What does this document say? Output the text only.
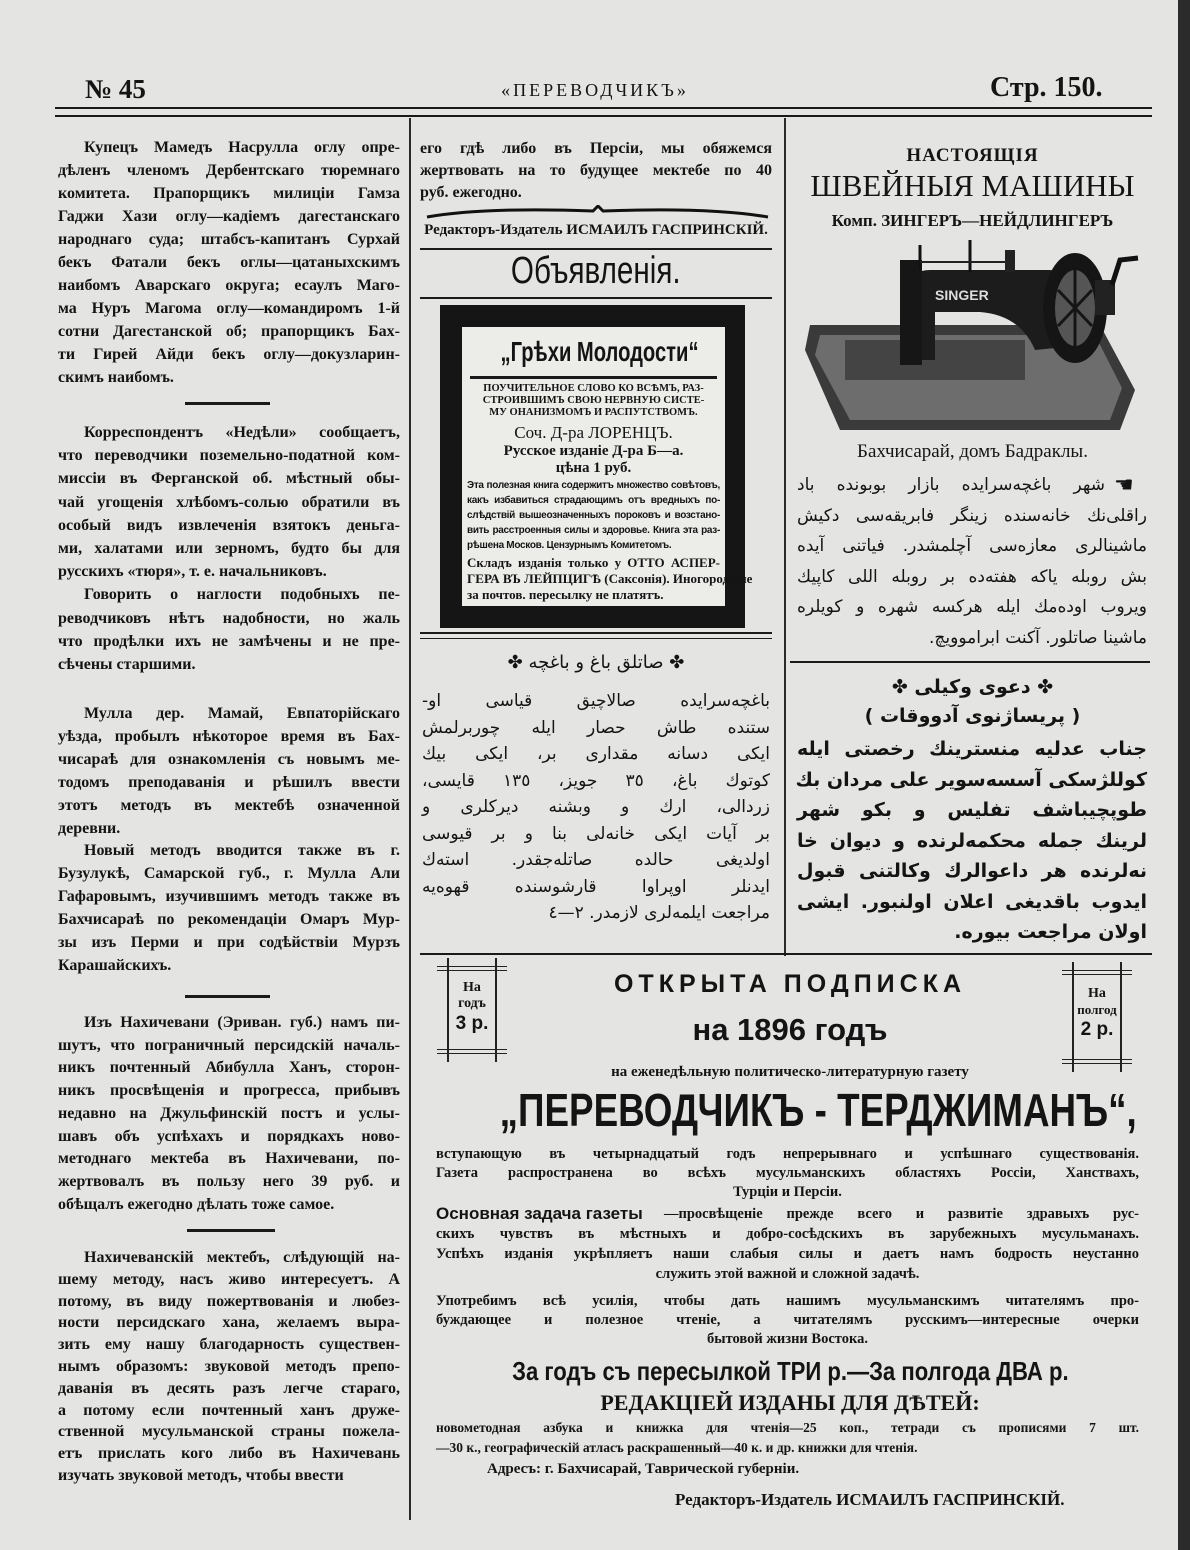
№ 45	«ПЕРЕВОДЧИКЪ»	Стр. 150.
Купецъ Мамедъ Насрулла оглу опре-
дѣленъ членомъ Дербентскаго тюремнаго
комитета. Прапорщикъ милиціи Гамза
Гаджи Хази оглу—кадіемъ дагестанскаго
народнаго суда; штабсъ-капитанъ Сурхай
бекъ Фатали бекъ оглы—цатаныхскимъ
наибомъ Аварскаго округа; есаулъ Маго-
ма Нуръ Магома оглу—командиромъ 1-й
сотни Дагестанской об; прапорщикъ Бах-
ти Гирей Айди бекъ оглу—докузларин-
скимъ наибомъ.
Корреспондентъ «Недѣли» сообщаетъ,
что переводчики поземельно-податной ком-
миссіи въ Ферганской об. мѣстный обы-
чай угощенія хлѣбомъ-солью обратили въ
особый видъ извлеченія взятокъ деньга-
ми, халатами или зерномъ, будто бы для
русскихъ «тюря», т. е. начальниковъ.
Говорить о наглости подобныхъ пе-
реводчиковъ нѣтъ надобности, но жаль
что продѣлки ихъ не замѣчены и не пре-
сѣчены старшими.
Мулла дер. Мамай, Евпаторійскаго
уѣзда, пробылъ нѣкоторое время въ Бах-
чисараѣ для ознакомленія съ новымъ ме-
тодомъ преподаванія и рѣшилъ ввести
этотъ методъ въ мектебѣ означенной
деревни.
Новый методъ вводится также въ г.
Бузулукѣ, Самарской губ., г. Мулла Али
Гафаровымъ, изучившимъ методъ также въ
Бахчисараѣ по рекомендаціи Омаръ Мур-
зы изъ Перми и при содѣйствіи Мурзъ
Карашайскихъ.
Изъ Нахичевани (Эриван. губ.) намъ пи-
шутъ, что пограничный персидскій началь-
никъ почтенный Абибулла Ханъ, сторон-
никъ просвѣщенія и прогресса, прибывъ
недавно на Джульфинскій постъ и услы-
шавъ объ успѣхахъ и порядкахъ ново-
методнаго мектеба въ Нахичевани, по-
жертвовалъ въ пользу него 39 руб. и
обѣщалъ ежегодно дѣлать тоже самое.
Нахичеванскій мектебъ, слѣдующій на-
шему методу, насъ живо интересуетъ. А
потому, въ виду пожертвованія и любез-
ности персидскаго хана, желаемъ выра-
зить ему нашу благодарность существен-
нымъ образомъ: звуковой методъ препо-
даванія въ десять разъ легче стараго,
а потому если почтенный ханъ друже-
ственной мусульманской страны пожела-
етъ прислать кого либо въ Нахичевань
изучать звуковой методъ, чтобы ввести
его гдѣ либо въ Персіи, мы обяжемся
жертвовать на то будущее мектебе по 40
руб. ежегодно.
Редакторъ-Издатель ИСМАИЛЪ ГАСПРИНСКІЙ.
Объявленія.
„Грѣхи Молодости“
ПОУЧИТЕЛЬНОЕ СЛОВО КО ВСѢМЪ, РАЗ-
СТРОИВШИМЪ СВОЮ НЕРВНУЮ СИСТЕ-
МУ ОНАНИЗМОМЪ И РАСПУТСТВОМЪ.
Соч. Д-ра ЛОРЕНЦЪ.
Русское изданіе Д-ра Б—а.
цѣна 1 руб.
Эта полезная книга содержитъ множество совѣтовъ,
какъ избавиться страдающимъ отъ вредныхъ по-
слѣдствій вышеозначенныхъ пороковъ и возстано-
вить расстроенныя силы и здоровье. Книга эта раз-
рѣшена Москов. Цензурнымъ Комитетомъ.
Складъ изданія только у ОТТО АСПЕР-
ГЕРА ВЪ ЛЕЙПЦИГѢ (Саксонія). Иногородные
за почтов. пересылку не платятъ.
✤ صاتلق باغ و باغچه ✤
باغچه‌سرایده صالاچیق قیاسی او-
ستنده طاش حصار ایله چوربرلمش
ایکی دسانه مقداری بر، ایکی بیك
کوتوك باغ، ٣٥ جویز، ١٣٥ قایسی،
زردالی، ارك و وبشنه دیرکلری و
بر آیات ایکی خانه‌لی بنا و بر قیوسی
اولدیغی حالده صاتله‌جقدر. استه‌ك
ایدنلر اوپراوا قارشوسنده قهوه‌یه
مراجعت ایلمه‌لری لازمدر. ٢—٤
НАСТОЯЩІЯ
ШВЕЙНЫЯ МАШИНЫ
Комп. ЗИНГЕРЪ—НЕЙДЛИНГЕРЪ
SINGER
Бахчисарай, домъ Бадраклы.
☚
شهر باغچه‌سرایده بازار بوبونده باد
راقلی‌نك خانه‌سنده زینگر فابریقه‌سی دکیش
ماشینالری معازه‌سی آچلمشدر. فیاتنی آیده
بش روبله یاکه هفته‌ده بر روبله اللی کاپیك
ویروب اوده‌مك ایله هرکسه شهره و کویلره
ماشینا صاتلور. آکنت ابراموویچ.
✤ دعوی وکیلی ✤
( پریساژنوی آدووقات )
جناب عدلیه منسترینك رخصتی ایله
کوللژسکی آسسه‌سویر علی مردان بك
طوپچیباشف تفلیس و بکو شهر
لرینك جمله محکمه‌لرنده و دیوان خا
نه‌لرنده هر داعوالرك وکالتنی قبول
ایدوب باقدیغی اعلان اولنبور. ایشی
اولان مراجعت بیوره.
На
годъ
3 р.
На
полгод
2 р.
ОТКРЫТА ПОДПИСКА
на 1896 годъ
на еженедѣльную политическо-литературную газету
„ПЕРЕВОДЧИКЪ - ТЕРДЖИМАНЪ“,
вступающую въ четырнадцатый годъ непрерывнаго и успѣшнаго существованія.
Газета распространена во всѣхъ мусульманскихъ областяхъ Россіи, Ханствахъ,
Турціи и Персіи.
Основная задача газеты	—просвѣщеніе прежде всего и развитіе здравыхъ рус-
скихъ чувствъ въ мѣстныхъ и добро-сосѣдскихъ въ зарубежныхъ мусульманахъ.
Успѣхъ изданія укрѣпляетъ наши слабыя силы и даетъ намъ бодрость неустанно
служить этой важной и сложной задачѣ.
Употребимъ всѣ усилія, чтобы дать нашимъ мусульманскимъ читателямъ про-
буждающее и полезное чтеніе, а читателямъ русскимъ—интересные очерки
бытовой жизни Востока.
За годъ съ пересылкой ТРИ р.—За полгода ДВА р.
РЕДАКЦІЕЙ ИЗДАНЫ ДЛЯ ДѢТЕЙ:
новометодная азбука и книжка для чтенія—25 коп., тетради съ прописями 7 шт.
—30 к., географическій атласъ раскрашенный—40 к. и др. книжки для чтенія.
Адресъ: г. Бахчисарай, Таврической губерніи.
Редакторъ-Издатель ИСМАИЛЪ ГАСПРИНСКІЙ.
